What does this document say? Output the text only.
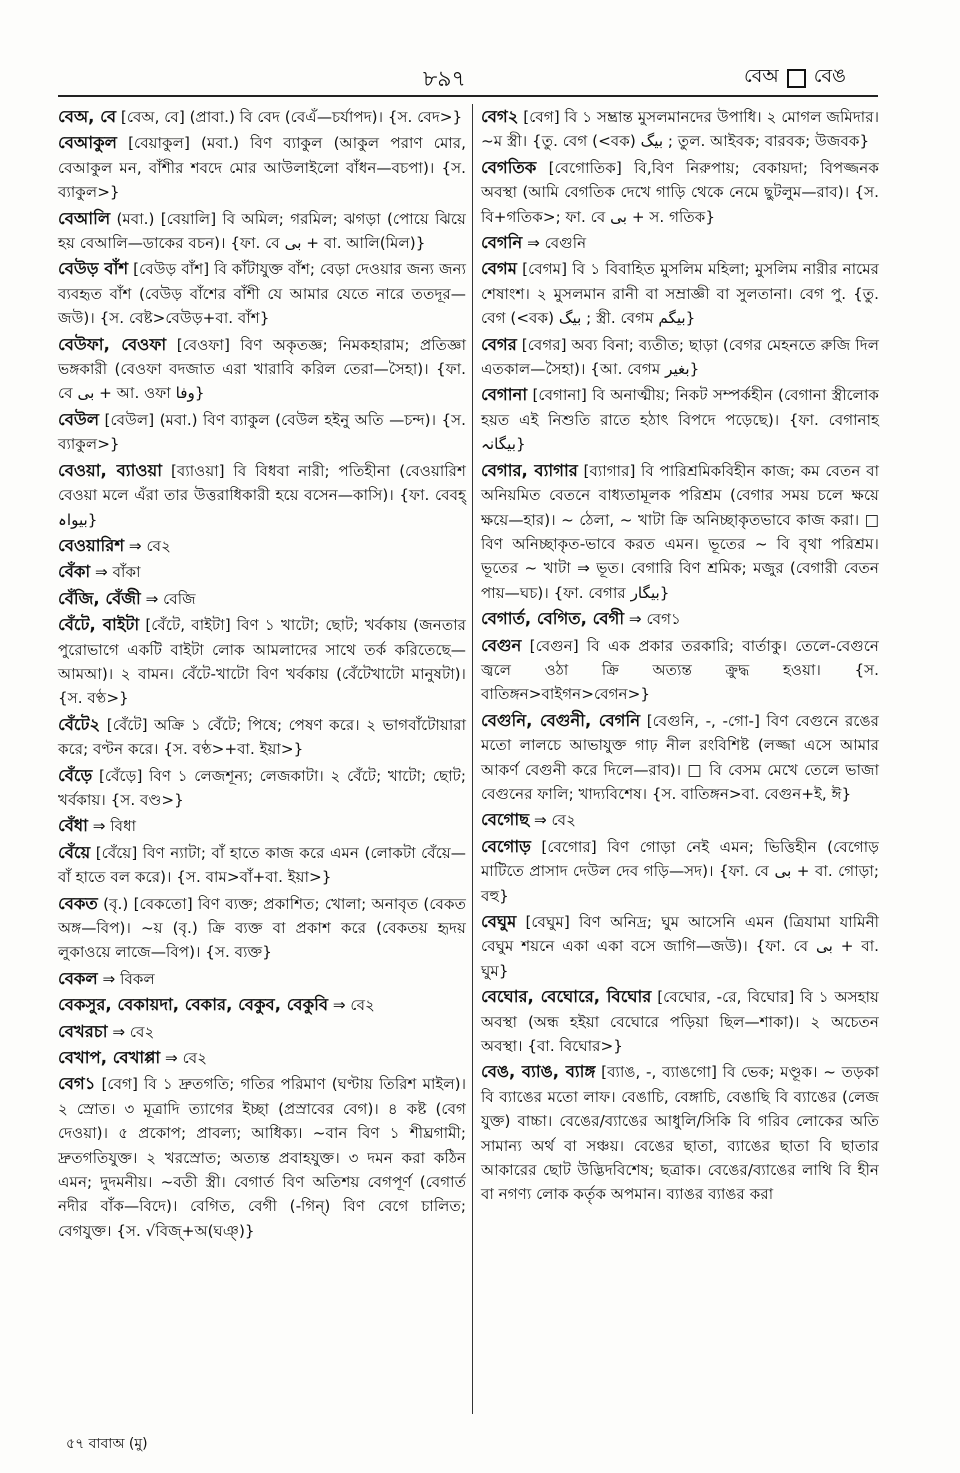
৮৯৭	বেঅ বেঙ
বেঅ, বে [বেঅ, বে] (প্রাবা.) বি বেদ (বেএঁ—চর্যাপদ)। {স. বেদ>}
বেআকুল [বেয়াকুল] (মবা.) বিণ ব্যাকুল (আকুল পরাণ মোর, বেআকুল মন, বাঁশীর শবদে মোর আউলাইলো বাঁধন—বচপা)। {স. ব্যাকুল>}
বেআলি (মবা.) [বেয়ালি] বি অমিল; গরমিল; ঝগড়া (পোয়ে ঝিয়ে হয় বেআলি—ডাকের বচন)। {ফা. বে بی + বা. আলি(মিল)}
বেউড় বাঁশ [বেউড় বাঁশ] বি কাঁটাযুক্ত বাঁশ; বেড়া দেওয়ার জন্য জন্য ব্যবহৃত বাঁশ (বেউড় বাঁশের বাঁশী যে আমার যেতে নারে ততদূর—জউ)। {স. বেষ্ট>বেউড়+বা. বাঁশ}
বেউফা, বেওফা [বেওফা] বিণ অকৃতজ্ঞ; নিমকহারাম; প্রতিজ্ঞা ভঙ্গকারী (বেওফা বদজাত এরা খারাবি করিল তেরা—সৈহা)। {ফা. বে بی + আ. ওফা وفا}
বেউল [বেউল] (মবা.) বিণ ব্যাকুল (বেউল হইনু অতি —চন্দ)। {স. ব্যাকুল>}
বেওয়া, ব্যাওয়া [ব্যাওয়া] বি বিধবা নারী; পতিহীনা (বেওয়ারিশ বেওয়া মলে এঁরা তার উত্তরাধিকারী হয়ে বসেন—কাসি)। {ফা. বেবহ্ بیواہ}
বেওয়ারিশ ⇒ বে২
বেঁকা ⇒ বাঁকা
বেঁজি, বেঁজী ⇒ বেজি
বেঁটে, বাইটা [বেঁটে, বাইটা] বিণ ১ খাটো; ছোট; খর্বকায় (জনতার পুরোভাগে একটি বাইটা লোক আমলাদের সাথে তর্ক করিতেছে—আমআ)। ২ বামন। বেঁটে-খাটো বিণ খর্বকায় (বেঁটেখাটো মানুষটা)। {স. বণ্ঠ>}
বেঁটে২ [বেঁটে] অক্রি ১ বেঁটে; পিষে; পেষণ করে। ২ ভাগবাঁটোয়ারা করে; বণ্টন করে। {স. বণ্ঠ>+বা. ইয়া>}
বেঁড়ে [বেঁড়ে] বিণ ১ লেজশূন্য; লেজকাটা। ২ বেঁটে; খাটো; ছোট; খর্বকায়। {স. বণ্ড>}
বেঁধা ⇒ বিধা
বেঁয়ে [বেঁয়ে] বিণ ন্যাটা; বাঁ হাতে কাজ করে এমন (লোকটা বেঁয়ে—বাঁ হাতে বল করে)। {স. বাম>বাঁ+বা. ইয়া>}
বেকত (বৃ.) [বেকতো] বিণ ব্যক্ত; প্রকাশিত; খোলা; অনাবৃত (বেকত অঙ্গ—বিপ)। ~য় (বৃ.) ক্রি ব্যক্ত বা প্রকাশ করে (বেকতয় হৃদয় লুকাওয়ে লাজে—বিপ)। {স. ব্যক্ত}
বেকল ⇒ বিকল
বেকসুর, বেকায়দা, বেকার, বেকুব, বেকুবি ⇒ বে২
বেখরচা ⇒ বে২
বেখাপ, বেখাপ্পা ⇒ বে২
বেগ১ [বেগ] বি ১ দ্রুতগতি; গতির পরিমাণ (ঘণ্টায় তিরিশ মাইল)। ২ স্রোত। ৩ মূত্রাদি ত্যাগের ইচ্ছা (প্রস্রাবের বেগ)। ৪ কষ্ট (বেগ দেওয়া)। ৫ প্রকোপ; প্রাবল্য; আধিক্য। ~বান বিণ ১ শীঘ্রগামী; দ্রুতগতিযুক্ত। ২ খরস্রোত; অত্যন্ত প্রবাহযুক্ত। ৩ দমন করা কঠিন এমন; দুদমনীয়। ~বতী স্ত্রী। বেগার্ত বিণ অতিশয় বেগপূর্ণ (বেগার্ত নদীর বাঁক—বিদে)। বেগিত, বেগী (-গিন্) বিণ বেগে চালিত; বেগযুক্ত। {স. √বিজ্+অ(ঘঞ্)}
বেগ২ [বেগ] বি ১ সম্ভ্রান্ত মুসলমানদের উপাধি। ২ মোগল জমিদার। ~ম স্ত্রী। {তু. বেগ (<বক) بیگ ; তুল. আইবক; বারবক; উজবক}
বেগতিক [বেগোতিক] বি,বিণ নিরুপায়; বেকায়দা; বিপজ্জনক অবস্থা (আমি বেগতিক দেখে গাড়ি থেকে নেমে ছুটলুম—রাব)। {স. বি+গতিক>; ফা. বে بی + স. গতিক}
বেগনি ⇒ বেগুনি
বেগম [বেগম] বি ১ বিবাহিত মুসলিম মহিলা; মুসলিম নারীর নামের শেষাংশ। ২ মুসলমান রানী বা সম্রাজ্ঞী বা সুলতানা। বেগ পু. {তু. বেগ (<বক) بیگ ; স্ত্রী. বেগম بیگم}
বেগর [বেগর] অব্য বিনা; ব্যতীত; ছাড়া (বেগর মেহনতে রুজি দিল এতকাল—সৈহা)। {আ. বেগম بغیر}
বেগানা [বেগানা] বি অনাত্মীয়; নিকট সম্পর্কহীন (বেগানা স্ত্রীলোক হয়ত এই নিশুতি রাতে হঠাৎ বিপদে পড়েছে)। {ফা. বেগানাহ بیگانہ}
বেগার, ব্যাগার [ব্যাগার] বি পারিশ্রমিকবিহীন কাজ; কম বেতন বা অনিয়মিত বেতনে বাধ্যতামূলক পরিশ্রম (বেগার সময় চলে ক্ষয়ে ক্ষয়ে—হার)। ~ ঠেলা, ~ খাটা ক্রি অনিচ্ছাকৃতভাবে কাজ করা। □ বিণ অনিচ্ছাকৃত-ভাবে করত এমন। ভূতের ~ বি বৃথা পরিশ্রম। ভূতের ~ খাটা ⇒ ভূত। বেগারি বিণ শ্রমিক; মজুর (বেগারী বেতন পায়—ঘচ)। {ফা. বেগার بیگار}
বেগার্ত, বেগিত, বেগী ⇒ বেগ১
বেগুন [বেগুন] বি এক প্রকার তরকারি; বার্তাকু। তেলে-বেগুনে জ্বলে ওঠা ক্রি অত্যন্ত ক্রুদ্ধ হওয়া। {স. বাতিঙ্গন>বাইগন>বেগন>}
বেগুনি, বেগুনী, বেগনি [বেগুনি, -, -গো-] বিণ বেগুনে রঙের মতো লালচে আভাযুক্ত গাঢ় নীল রংবিশিষ্ট (লজ্জা এসে আমার আকর্ণ বেগুনী করে দিলে—রাব)। □ বি বেসম মেখে তেলে ভাজা বেগুনের ফালি; খাদ্যবিশেষ। {স. বাতিঙ্গন>বা. বেগুন+ই, ঈ}
বেগোছ ⇒ বে২
বেগোড় [বেগোর] বিণ গোড়া নেই এমন; ভিত্তিহীন (বেগোড় মাটিতে প্রাসাদ দেউল দেব গড়ি—সদ)। {ফা. বে بی + বা. গোড়া; বহু}
বেঘুম [বেঘুম] বিণ অনিদ্র; ঘুম আসেনি এমন (ত্রিযামা যামিনী বেঘুম শয়নে একা একা বসে জাগি—জউ)। {ফা. বে بی + বা. ঘুম}
বেঘোর, বেঘোরে, বিঘোর [বেঘোর, -রে, বিঘোর] বি ১ অসহায় অবস্থা (অন্ধ হইয়া বেঘোরে পড়িয়া ছিল—শাকা)। ২ অচেতন অবস্থা। {বা. বিঘোর>}
বেঙ, ব্যাঙ, ব্যাঙ্গ [ব্যাঙ, -, ব্যাঙগো] বি ভেক; মণ্ডূক। ~ তড়কা বি ব্যাঙের মতো লাফ। বেঙাচি, বেঙ্গাচি, বেঙাছি বি ব্যাঙের (লেজ যুক্ত) বাচ্চা। বেঙের/ব্যাঙের আধুলি/সিকি বি গরিব লোকের অতি সামান্য অর্থ বা সঞ্চয়। বেঙের ছাতা, ব্যাঙের ছাতা বি ছাতার আকারের ছোট উদ্ভিদবিশেষ; ছত্রাক। বেঙের/ব্যাঙের লাথি বি হীন বা নগণ্য লোক কর্তৃক অপমান। ব্যাঙর ব্যাঙর করা
৫৭ বাবাঅ (মু)
